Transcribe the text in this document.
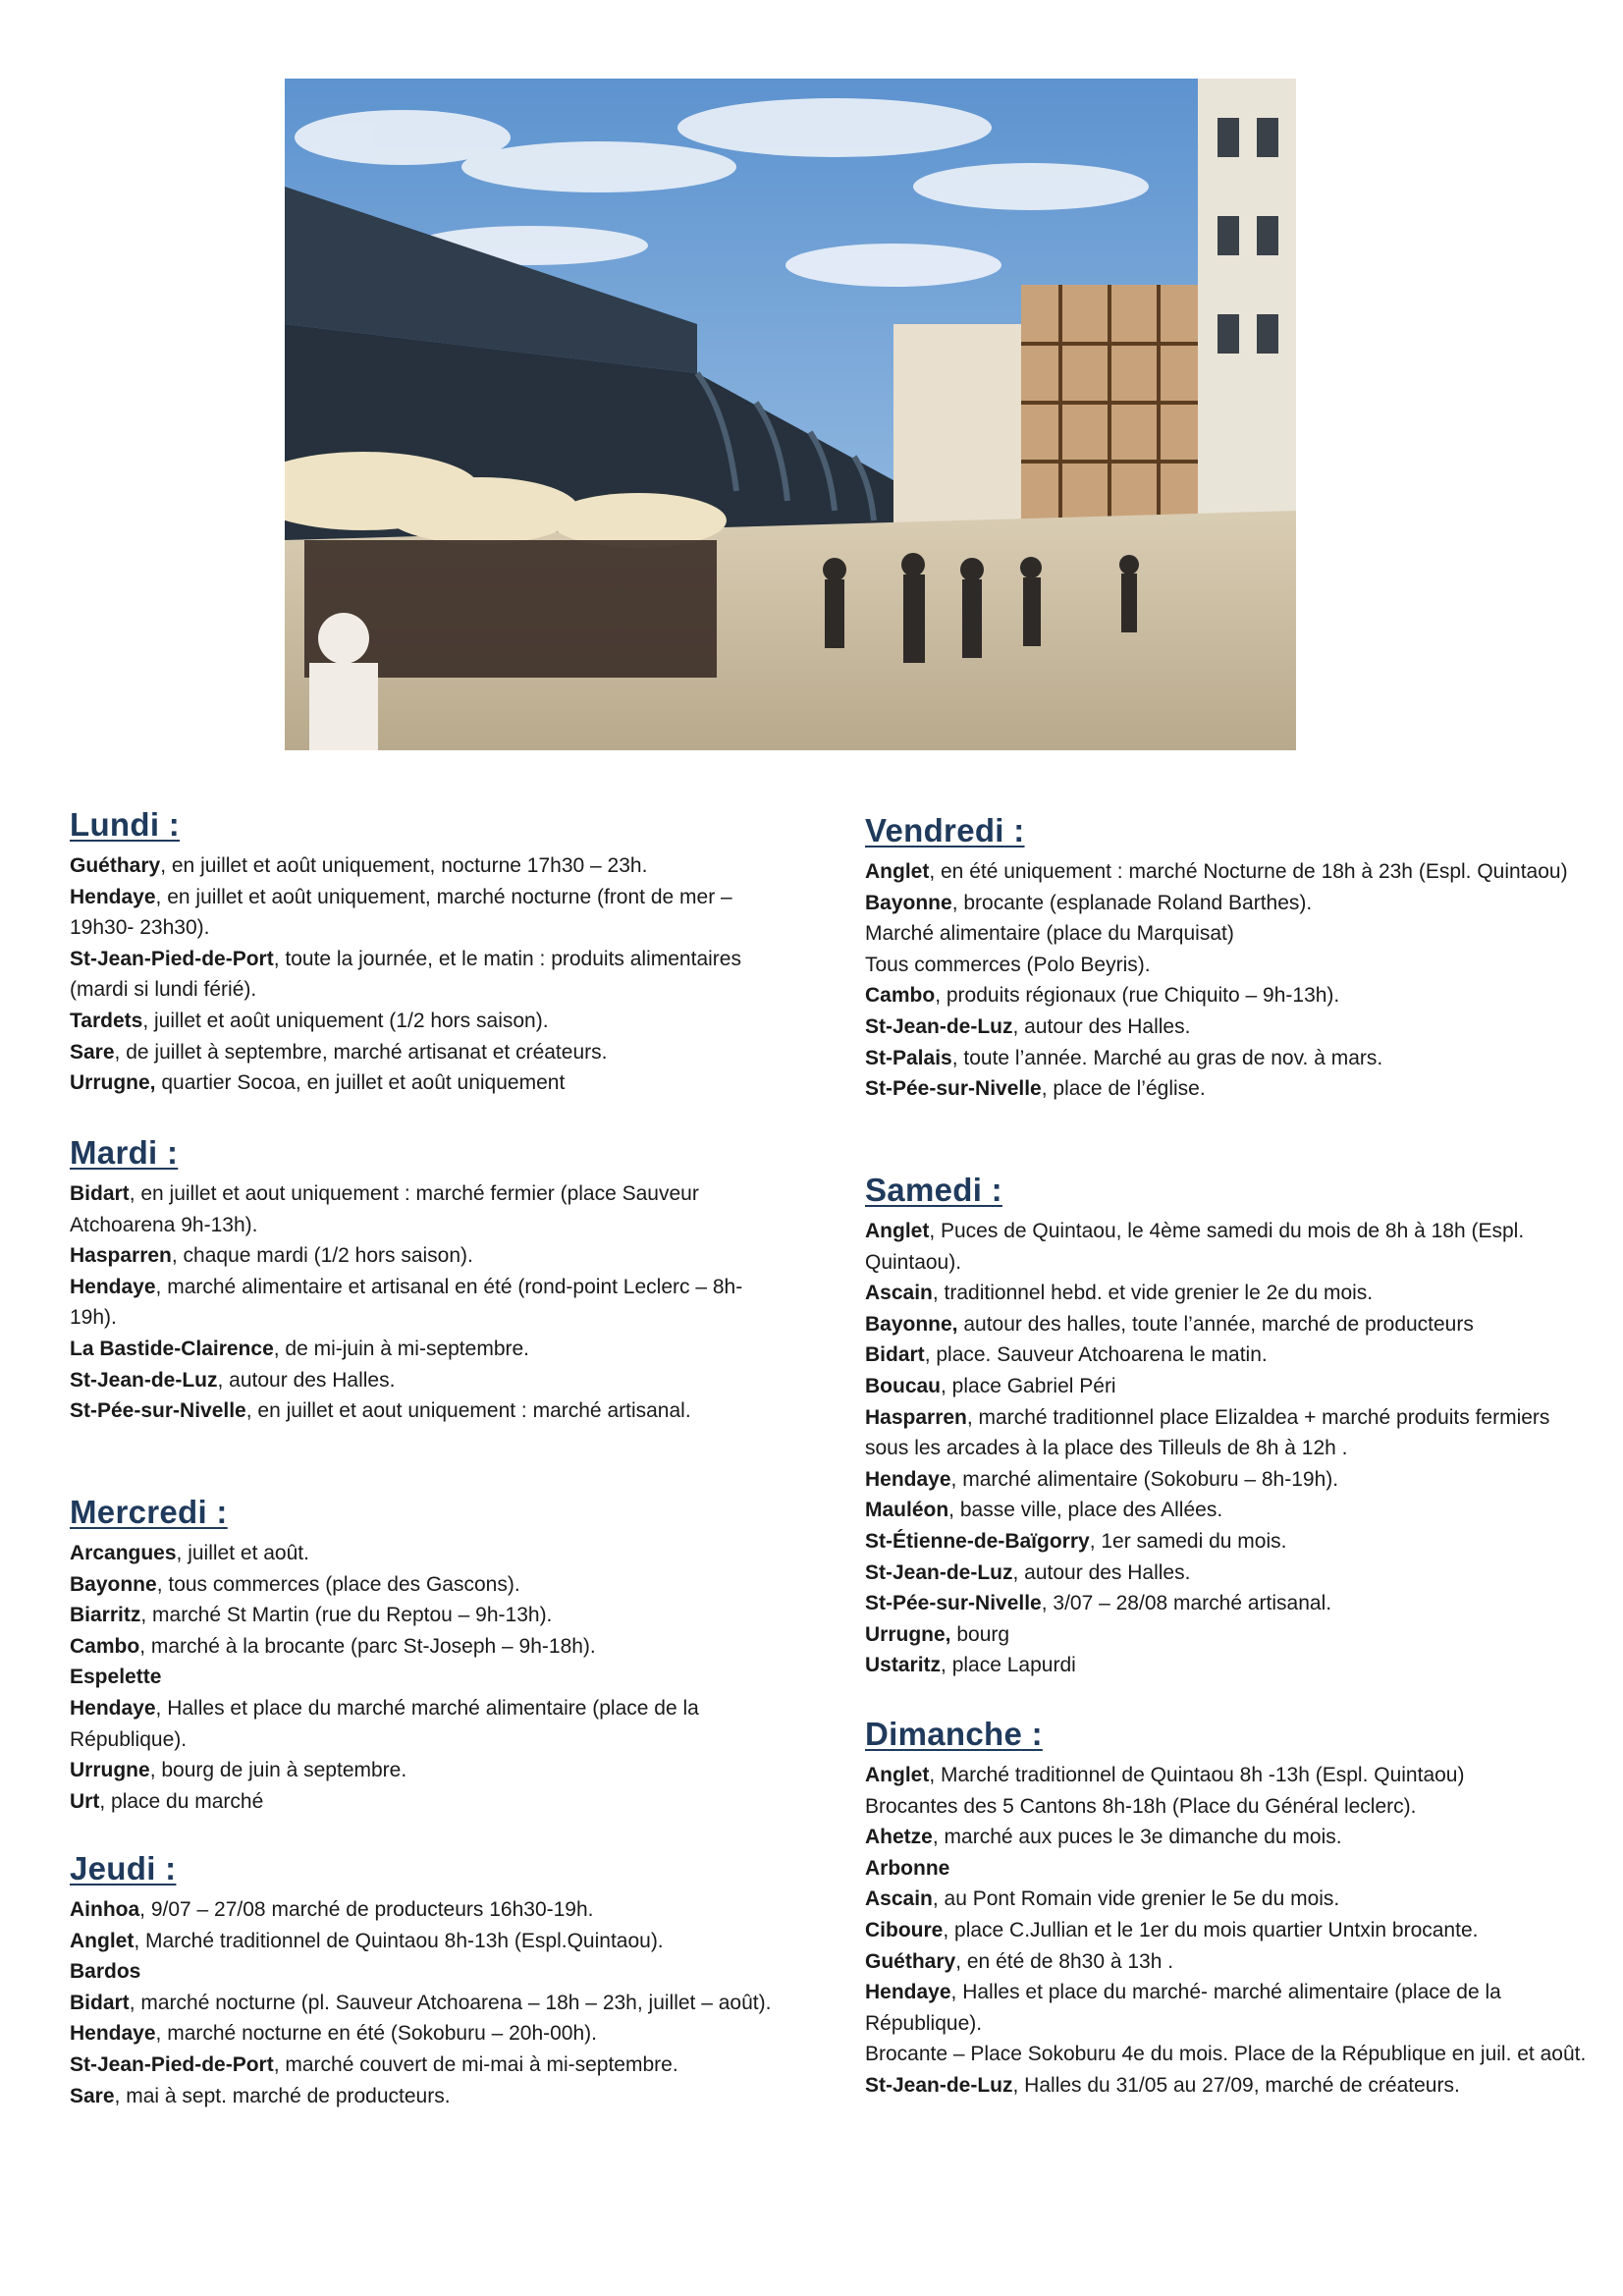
Lundi :

Guéthary, en juillet et août uniquement, nocturne 17h30 – 23h.

Hendaye, en juillet et août uniquement, marché nocturne (front de mer – 19h30- 23h30).

St-Jean-Pied-de-Port, toute la journée, et le matin : produits alimentaires (mardi si lundi férié).

Tardets, juillet et août uniquement (1/2 hors saison).

Sare, de juillet à septembre, marché artisanat et créateurs.

Urrugne, quartier Socoa, en juillet et août uniquement

Mardi :

Bidart, en juillet et aout uniquement : marché fermier (place Sauveur Atchoarena 9h-13h).

Hasparren, chaque mardi (1/2 hors saison).

Hendaye, marché alimentaire et artisanal en été (rond-point Leclerc – 8h-19h).

La Bastide-Clairence, de mi-juin à mi-septembre.

St-Jean-de-Luz, autour des Halles.

St-Pée-sur-Nivelle, en juillet et aout uniquement : marché artisanal.

Mercredi :

Arcangues, juillet et août.

Bayonne, tous commerces (place des Gascons).

Biarritz, marché St Martin (rue du Reptou – 9h-13h).

Cambo, marché à la brocante (parc St-Joseph – 9h-18h).

Espelette

Hendaye, Halles et place du marché marché alimentaire (place de la République).

Urrugne, bourg de juin à septembre.

Urt, place du marché

Jeudi :

Ainhoa, 9/07 – 27/08 marché de producteurs 16h30-19h.

Anglet, Marché traditionnel de Quintaou 8h-13h (Espl.Quintaou).

Bardos

Bidart, marché nocturne (pl. Sauveur Atchoarena – 18h – 23h, juillet – août).

Hendaye, marché nocturne en été (Sokoburu – 20h-00h).

St-Jean-Pied-de-Port, marché couvert de mi-mai à mi-septembre.

Sare, mai à sept. marché de producteurs.

Vendredi :

Anglet, en été uniquement : marché Nocturne de 18h à 23h (Espl. Quintaou)

Bayonne, brocante (esplanade Roland Barthes).

Marché alimentaire (place du Marquisat)

Tous commerces (Polo Beyris).

Cambo, produits régionaux (rue Chiquito – 9h-13h).

St-Jean-de-Luz, autour des Halles.

St-Palais, toute l’année. Marché au gras de nov. à mars.

St-Pée-sur-Nivelle, place de l’église.

Samedi :

Anglet, Puces de Quintaou, le 4ème samedi du mois de 8h à 18h (Espl. Quintaou).

Ascain, traditionnel hebd. et vide grenier le 2e du mois.

Bayonne, autour des halles, toute l’année, marché de producteurs

Bidart, place. Sauveur Atchoarena le matin.

Boucau, place Gabriel Péri

Hasparren, marché traditionnel place Elizaldea + marché produits fermiers sous les arcades à la place des Tilleuls de 8h à 12h .

Hendaye, marché alimentaire (Sokoburu – 8h-19h).

Mauléon, basse ville, place des Allées.

St-Étienne-de-Baïgorry, 1er samedi du mois.

St-Jean-de-Luz, autour des Halles.

St-Pée-sur-Nivelle, 3/07 – 28/08 marché artisanal.

Urrugne, bourg

Ustaritz, place Lapurdi

Dimanche :

Anglet, Marché traditionnel de Quintaou 8h -13h (Espl. Quintaou)

Brocantes des 5 Cantons 8h-18h (Place du Général leclerc).

Ahetze, marché aux puces le 3e dimanche du mois.

Arbonne

Ascain, au Pont Romain vide grenier le 5e du mois.

Ciboure, place C.Jullian et le 1er du mois quartier Untxin brocante.

Guéthary, en été de 8h30 à 13h .

Hendaye, Halles et place du marché- marché alimentaire (place de la République).

Brocante – Place Sokoburu 4e du mois. Place de la République en juil. et août.

St-Jean-de-Luz, Halles du 31/05 au 27/09, marché de créateurs.
